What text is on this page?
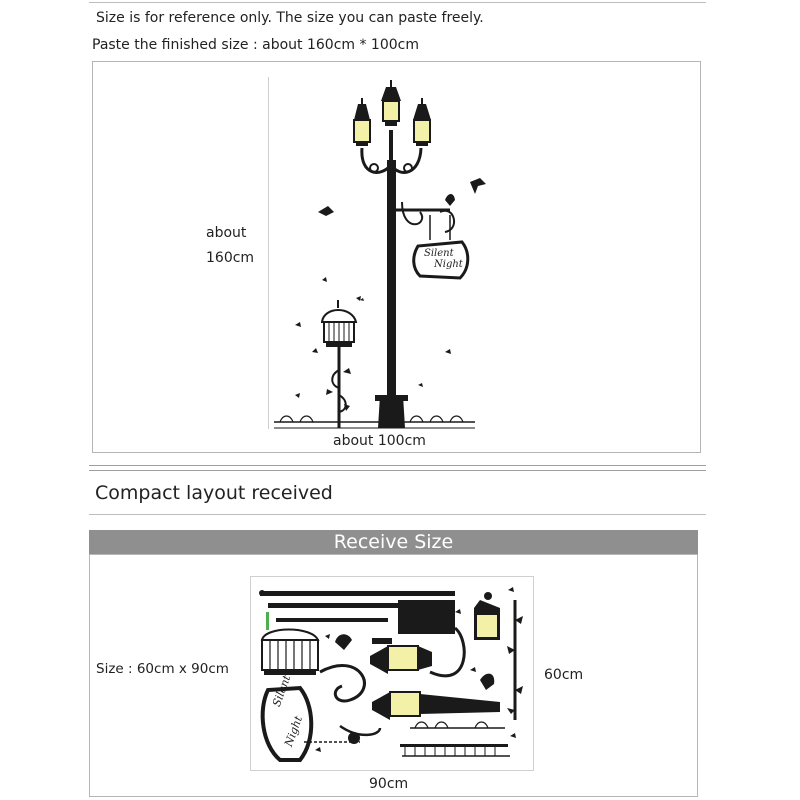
Size is for reference only. The size you can paste freely.
Paste the finished size : about 160cm * 100cm
about
160cm
about 100cm
Silent
Night
Compact layout received
Receive Size
Size : 60cm x 90cm	60cm
90cm
Silent
Night
